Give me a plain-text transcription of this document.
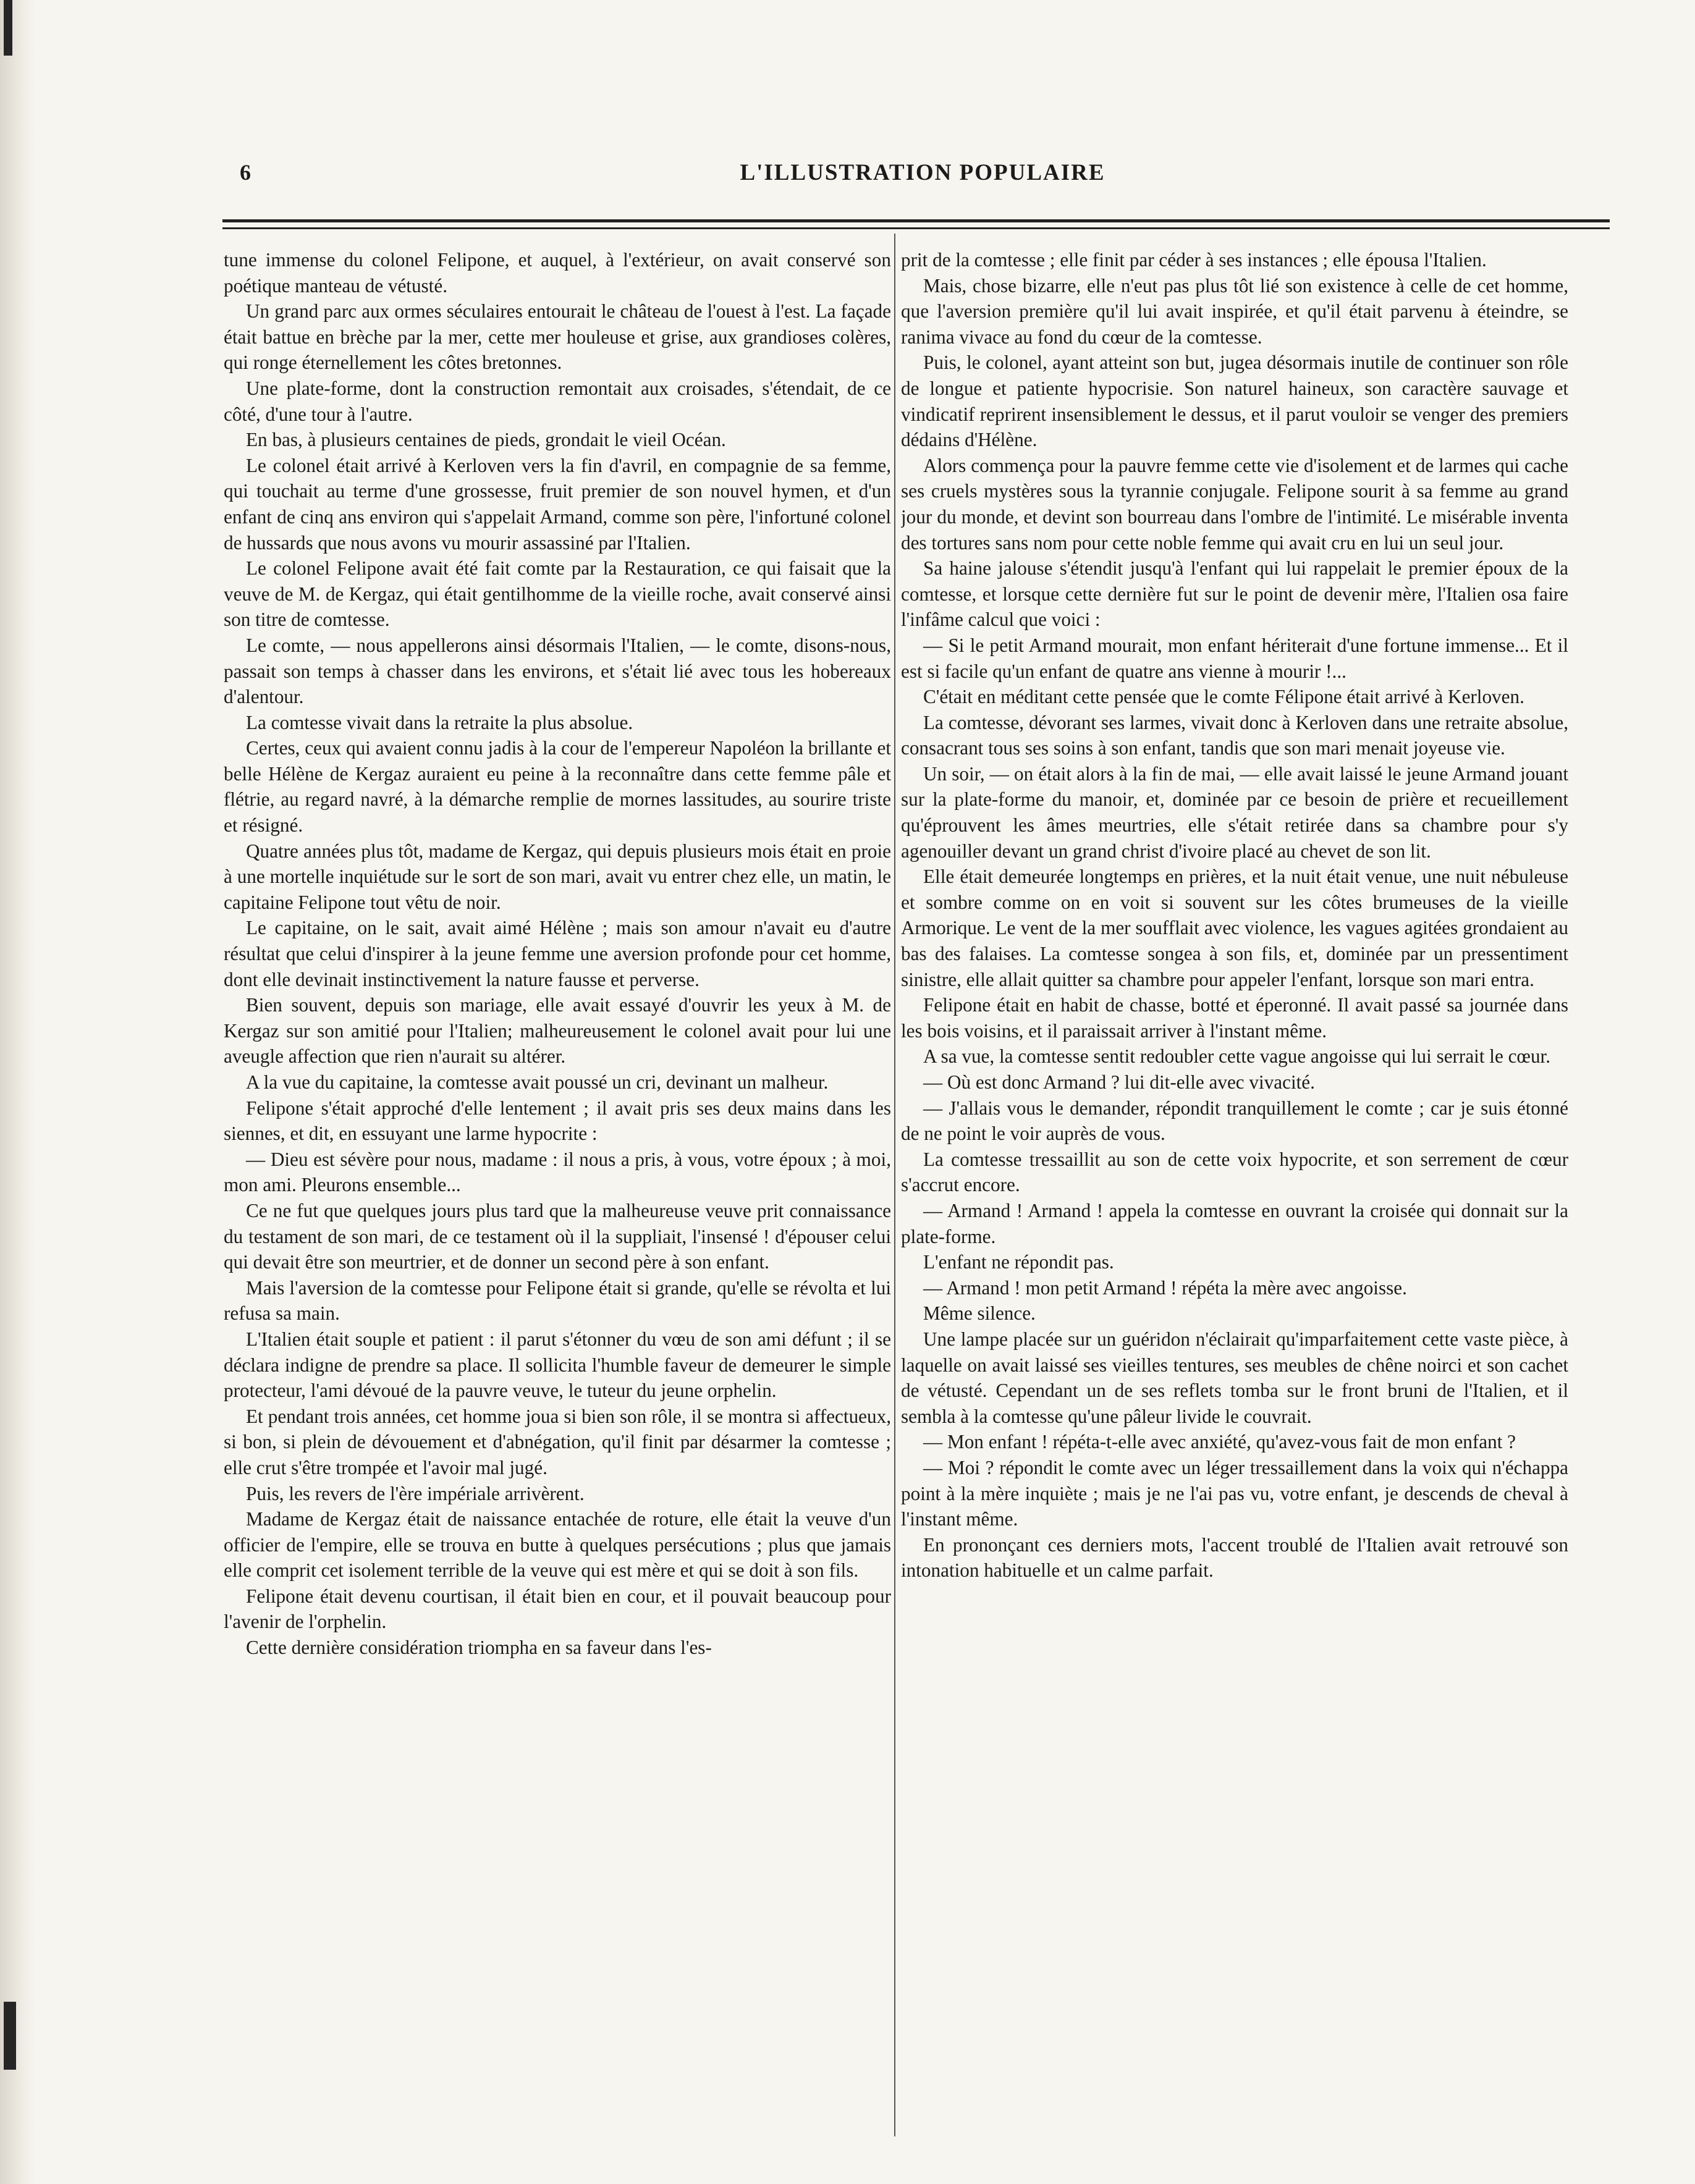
6	L'ILLUSTRATION POPULAIRE

tune immense du colonel Felipone, et auquel, à l'extérieur, on avait conservé son poétique manteau de vétusté.

Un grand parc aux ormes séculaires entourait le château de l'ouest à l'est. La façade était battue en brèche par la mer, cette mer houleuse et grise, aux grandioses colères, qui ronge éternellement les côtes bretonnes.

Une plate-forme, dont la construction remontait aux croisades, s'étendait, de ce côté, d'une tour à l'autre.

En bas, à plusieurs centaines de pieds, grondait le vieil Océan.

Le colonel était arrivé à Kerloven vers la fin d'avril, en compagnie de sa femme, qui touchait au terme d'une grossesse, fruit premier de son nouvel hymen, et d'un enfant de cinq ans environ qui s'appelait Armand, comme son père, l'infortuné colonel de hussards que nous avons vu mourir assassiné par l'Italien.

Le colonel Felipone avait été fait comte par la Restauration, ce qui faisait que la veuve de M. de Kergaz, qui était gentilhomme de la vieille roche, avait conservé ainsi son titre de comtesse.

Le comte, — nous appellerons ainsi désormais l'Italien, — le comte, disons-nous, passait son temps à chasser dans les environs, et s'était lié avec tous les hobereaux d'alentour.

La comtesse vivait dans la retraite la plus absolue.

Certes, ceux qui avaient connu jadis à la cour de l'empereur Napoléon la brillante et belle Hélène de Kergaz auraient eu peine à la reconnaître dans cette femme pâle et flétrie, au regard navré, à la démarche remplie de mornes lassitudes, au sourire triste et résigné.

Quatre années plus tôt, madame de Kergaz, qui depuis plusieurs mois était en proie à une mortelle inquiétude sur le sort de son mari, avait vu entrer chez elle, un matin, le capitaine Felipone tout vêtu de noir.

Le capitaine, on le sait, avait aimé Hélène ; mais son amour n'avait eu d'autre résultat que celui d'inspirer à la jeune femme une aversion profonde pour cet homme, dont elle devinait instinctivement la nature fausse et perverse.

Bien souvent, depuis son mariage, elle avait essayé d'ouvrir les yeux à M. de Kergaz sur son amitié pour l'Italien; malheureusement le colonel avait pour lui une aveugle affection que rien n'aurait su altérer.

A la vue du capitaine, la comtesse avait poussé un cri, devinant un malheur.

Felipone s'était approché d'elle lentement ; il avait pris ses deux mains dans les siennes, et dit, en essuyant une larme hypocrite :

— Dieu est sévère pour nous, madame : il nous a pris, à vous, votre époux ; à moi, mon ami. Pleurons ensemble...

Ce ne fut que quelques jours plus tard que la malheureuse veuve prit connaissance du testament de son mari, de ce testament où il la suppliait, l'insensé ! d'épouser celui qui devait être son meurtrier, et de donner un second père à son enfant.

Mais l'aversion de la comtesse pour Felipone était si grande, qu'elle se révolta et lui refusa sa main.

L'Italien était souple et patient : il parut s'étonner du vœu de son ami défunt ; il se déclara indigne de prendre sa place. Il sollicita l'humble faveur de demeurer le simple protecteur, l'ami dévoué de la pauvre veuve, le tuteur du jeune orphelin.

Et pendant trois années, cet homme joua si bien son rôle, il se montra si affectueux, si bon, si plein de dévouement et d'abnégation, qu'il finit par désarmer la comtesse ; elle crut s'être trompée et l'avoir mal jugé.

Puis, les revers de l'ère impériale arrivèrent.

Madame de Kergaz était de naissance entachée de roture, elle était la veuve d'un officier de l'empire, elle se trouva en butte à quelques persécutions ; plus que jamais elle comprit cet isolement terrible de la veuve qui est mère et qui se doit à son fils.

Felipone était devenu courtisan, il était bien en cour, et il pouvait beaucoup pour l'avenir de l'orphelin.

Cette dernière considération triompha en sa faveur dans l'es-

prit de la comtesse ; elle finit par céder à ses instances ; elle épousa l'Italien.

Mais, chose bizarre, elle n'eut pas plus tôt lié son existence à celle de cet homme, que l'aversion première qu'il lui avait inspirée, et qu'il était parvenu à éteindre, se ranima vivace au fond du cœur de la comtesse.

Puis, le colonel, ayant atteint son but, jugea désormais inutile de continuer son rôle de longue et patiente hypocrisie. Son naturel haineux, son caractère sauvage et vindicatif reprirent insensiblement le dessus, et il parut vouloir se venger des premiers dédains d'Hélène.

Alors commença pour la pauvre femme cette vie d'isolement et de larmes qui cache ses cruels mystères sous la tyrannie conjugale. Felipone sourit à sa femme au grand jour du monde, et devint son bourreau dans l'ombre de l'intimité. Le misérable inventa des tortures sans nom pour cette noble femme qui avait cru en lui un seul jour.

Sa haine jalouse s'étendit jusqu'à l'enfant qui lui rappelait le premier époux de la comtesse, et lorsque cette dernière fut sur le point de devenir mère, l'Italien osa faire l'infâme calcul que voici :

— Si le petit Armand mourait, mon enfant hériterait d'une fortune immense... Et il est si facile qu'un enfant de quatre ans vienne à mourir !...

C'était en méditant cette pensée que le comte Félipone était arrivé à Kerloven.

La comtesse, dévorant ses larmes, vivait donc à Kerloven dans une retraite absolue, consacrant tous ses soins à son enfant, tandis que son mari menait joyeuse vie.

Un soir, — on était alors à la fin de mai, — elle avait laissé le jeune Armand jouant sur la plate-forme du manoir, et, dominée par ce besoin de prière et recueillement qu'éprouvent les âmes meurtries, elle s'était retirée dans sa chambre pour s'y agenouiller devant un grand christ d'ivoire placé au chevet de son lit.

Elle était demeurée longtemps en prières, et la nuit était venue, une nuit nébuleuse et sombre comme on en voit si souvent sur les côtes brumeuses de la vieille Armorique. Le vent de la mer soufflait avec violence, les vagues agitées grondaient au bas des falaises. La comtesse songea à son fils, et, dominée par un pressentiment sinistre, elle allait quitter sa chambre pour appeler l'enfant, lorsque son mari entra.

Felipone était en habit de chasse, botté et éperonné. Il avait passé sa journée dans les bois voisins, et il paraissait arriver à l'instant même.

A sa vue, la comtesse sentit redoubler cette vague angoisse qui lui serrait le cœur.

— Où est donc Armand ? lui dit-elle avec vivacité.

— J'allais vous le demander, répondit tranquillement le comte ; car je suis étonné de ne point le voir auprès de vous.

La comtesse tressaillit au son de cette voix hypocrite, et son serrement de cœur s'accrut encore.

— Armand ! Armand ! appela la comtesse en ouvrant la croisée qui donnait sur la plate-forme.

L'enfant ne répondit pas.

— Armand ! mon petit Armand ! répéta la mère avec angoisse.

Même silence.

Une lampe placée sur un guéridon n'éclairait qu'imparfaitement cette vaste pièce, à laquelle on avait laissé ses vieilles tentures, ses meubles de chêne noirci et son cachet de vétusté. Cependant un de ses reflets tomba sur le front bruni de l'Italien, et il sembla à la comtesse qu'une pâleur livide le couvrait.

— Mon enfant ! répéta-t-elle avec anxiété, qu'avez-vous fait de mon enfant ?

— Moi ? répondit le comte avec un léger tressaillement dans la voix qui n'échappa point à la mère inquiète ; mais je ne l'ai pas vu, votre enfant, je descends de cheval à l'instant même.

En prononçant ces derniers mots, l'accent troublé de l'Italien avait retrouvé son intonation habituelle et un calme parfait.
